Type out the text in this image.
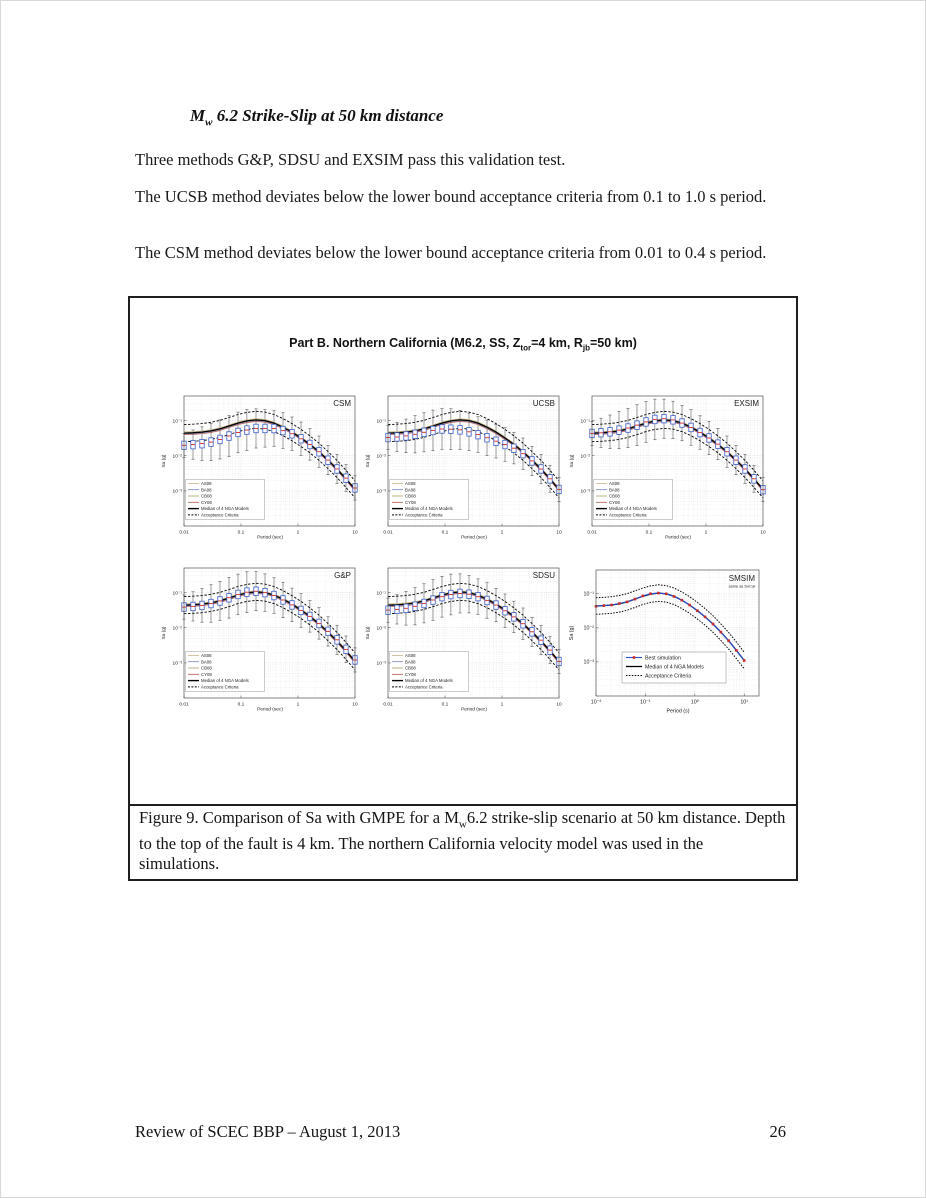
$M_w$ 6.2 Strike-Slip at 50 km distance

Three methods G&P, SDSU and EXSIM pass this validation test.

The UCSB method deviates below the lower bound acceptance criteria from 0.1 to 1.0 s period.

The CSM method deviates below the lower bound acceptance criteria from 0.01 to 0.4 s period.

Part B. Northern California (M6.2, SS, $Z_{tor}=4$ km, $R_{jb}=50$ km)
AS08
BA08
CB08
CY08
Median of 4 NGA Models
Acceptance Criteria
0.01	0.1	1	10
10⁻¹
10⁻²
10⁻³
Sa (g)
Period (sec)
CSM
AS08
BA08
CB08
CY08
Median of 4 NGA Models
Acceptance Criteria
0.01	0.1	1	10
10⁻¹
10⁻²
10⁻³
Sa (g)
Period (sec)
UCSB
AS08
BA08
CB08
CY08
Median of 4 NGA Models
Acceptance Criteria
0.01	0.1	1	10
10⁻¹
10⁻²
10⁻³
Sa (g)
Period (sec)
EXSIM
AS08
BA08
CB08
CY08
Median of 4 NGA Models
Acceptance Criteria
0.01	0.1	1	10
10⁻¹
10⁻²
10⁻³
Sa (g)
Period (sec)
G&P
AS08
BA08
CB08
CY08
Median of 4 NGA Models
Acceptance Criteria
0.01	0.1	1	10
10⁻¹
10⁻²
10⁻³
Sa (g)
Period (sec)
SDSU
Best simulation
Median of 4 NGA Models
Acceptance Criteria
10⁻²	10⁻¹	10⁰	10¹
10⁻¹
10⁻²
10⁻³
Sa (g)
Period (s)
SMSIM
same as SoCal
Figure 9. Comparison of Sa with GMPE for a $M_w6.2$ strike-slip scenario at 50 km distance. Depth to the top of the fault is 4 km. The northern California velocity model was used in the simulations.
Review of SCEC BBP – August 1, 2013	26
